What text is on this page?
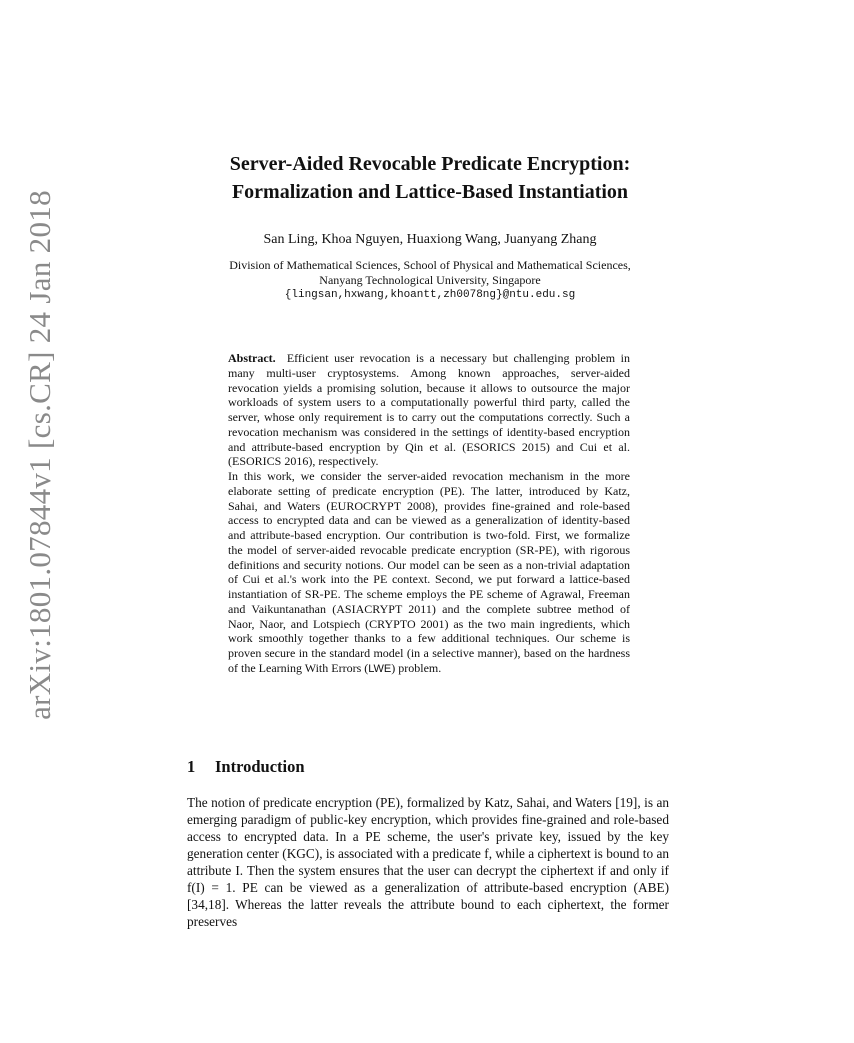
arXiv:1801.07844v1 [cs.CR] 24 Jan 2018
Server-Aided Revocable Predicate Encryption:
Formalization and Lattice-Based Instantiation
San Ling, Khoa Nguyen, Huaxiong Wang, Juanyang Zhang
Division of Mathematical Sciences, School of Physical and Mathematical Sciences,
Nanyang Technological University, Singapore
{lingsan,hxwang,khoantt,zh0078ng}@ntu.edu.sg

Abstract. Efficient user revocation is a necessary but challenging problem in many multi-user cryptosystems. Among known approaches, server-aided revocation yields a promising solution, because it allows to outsource the major workloads of system users to a computationally powerful third party, called the server, whose only requirement is to carry out the computations correctly. Such a revocation mechanism was considered in the settings of identity-based encryption and attribute-based encryption by Qin et al. (ESORICS 2015) and Cui et al. (ESORICS 2016), respectively.

In this work, we consider the server-aided revocation mechanism in the more elaborate setting of predicate encryption (PE). The latter, introduced by Katz, Sahai, and Waters (EUROCRYPT 2008), provides fine-grained and role-based access to encrypted data and can be viewed as a generalization of identity-based and attribute-based encryption. Our contribution is two-fold. First, we formalize the model of server-aided revocable predicate encryption (SR-PE), with rigorous definitions and security notions. Our model can be seen as a non-trivial adaptation of Cui et al.'s work into the PE context. Second, we put forward a lattice-based instantiation of SR-PE. The scheme employs the PE scheme of Agrawal, Freeman and Vaikuntanathan (ASIACRYPT 2011) and the complete subtree method of Naor, Naor, and Lotspiech (CRYPTO 2001) as the two main ingredients, which work smoothly together thanks to a few additional techniques. Our scheme is proven secure in the standard model (in a selective manner), based on the hardness of the Learning With Errors (LWE) problem.

1 Introduction

The notion of predicate encryption (PE), formalized by Katz, Sahai, and Waters [19], is an emerging paradigm of public-key encryption, which provides fine-grained and role-based access to encrypted data. In a PE scheme, the user's private key, issued by the key generation center (KGC), is associated with a predicate f, while a ciphertext is bound to an attribute I. Then the system ensures that the user can decrypt the ciphertext if and only if f(I) = 1. PE can be viewed as a generalization of attribute-based encryption (ABE) [34,18]. Whereas the latter reveals the attribute bound to each ciphertext, the former preserves
